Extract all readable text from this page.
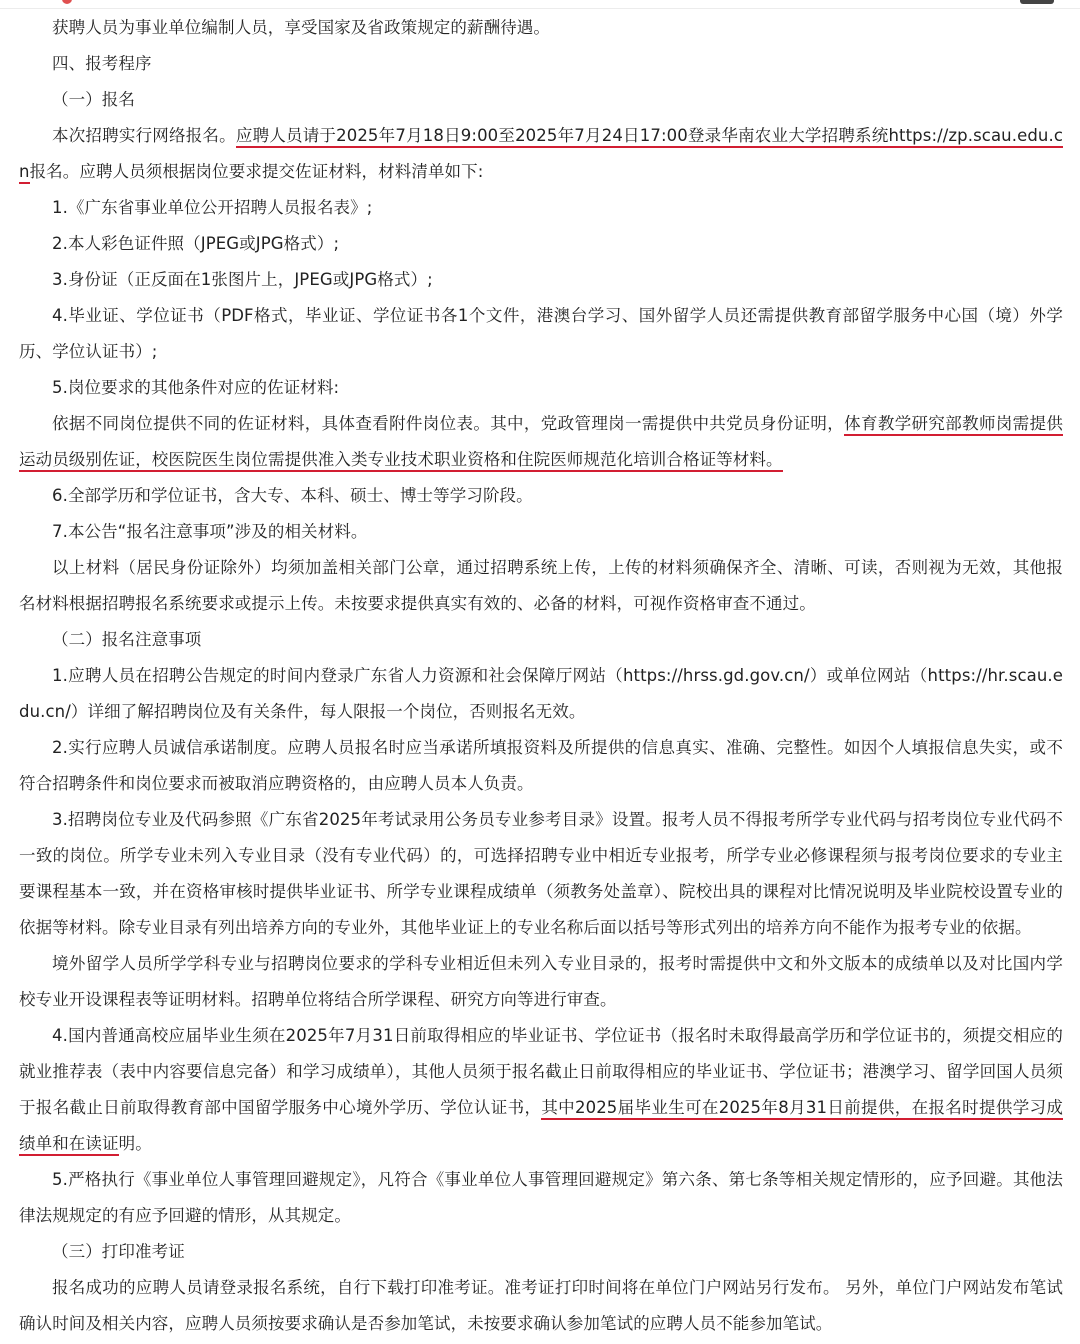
获聘人员为事业单位编制人员，享受国家及省政策规定的薪酬待遇。

四、报考程序

（一）报名

本次招聘实行网络报名。应聘人员请于2025年7月18日9:00至2025年7月24日17:00登录华南农业大学招聘系统https://zp.scau.edu.cn报名。应聘人员须根据岗位要求提交佐证材料，材料清单如下:

1.《广东省事业单位公开招聘人员报名表》;

2.本人彩色证件照（JPEG或JPG格式）;

3.身份证（正反面在1张图片上，JPEG或JPG格式）;

4.毕业证、学位证书（PDF格式，毕业证、学位证书各1个文件，港澳台学习、国外留学人员还需提供教育部留学服务中心国（境）外学历、学位认证书）;

5.岗位要求的其他条件对应的佐证材料:

依据不同岗位提供不同的佐证材料，具体查看附件岗位表。其中，党政管理岗一需提供中共党员身份证明，体育教学研究部教师岗需提供运动员级别佐证，校医院医生岗位需提供准入类专业技术职业资格和住院医师规范化培训合格证等材料。

6.全部学历和学位证书，含大专、本科、硕士、博士等学习阶段。

7.本公告“报名注意事项”涉及的相关材料。

以上材料（居民身份证除外）均须加盖相关部门公章，通过招聘系统上传，上传的材料须确保齐全、清晰、可读，否则视为无效，其他报名材料根据招聘报名系统要求或提示上传。未按要求提供真实有效的、必备的材料，可视作资格审查不通过。

（二）报名注意事项

1.应聘人员在招聘公告规定的时间内登录广东省人力资源和社会保障厅网站（https://hrss.gd.gov.cn/）或单位网站（https://hr.scau.edu.cn/）详细了解招聘岗位及有关条件，每人限报一个岗位，否则报名无效。

2.实行应聘人员诚信承诺制度。应聘人员报名时应当承诺所填报资料及所提供的信息真实、准确、完整性。如因个人填报信息失实，或不符合招聘条件和岗位要求而被取消应聘资格的，由应聘人员本人负责。

3.招聘岗位专业及代码参照《广东省2025年考试录用公务员专业参考目录》设置。报考人员不得报考所学专业代码与招考岗位专业代码不一致的岗位。所学专业未列入专业目录（没有专业代码）的，可选择招聘专业中相近专业报考，所学专业必修课程须与报考岗位要求的专业主要课程基本一致，并在资格审核时提供毕业证书、所学专业课程成绩单（须教务处盖章）、院校出具的课程对比情况说明及毕业院校设置专业的依据等材料。除专业目录有列出培养方向的专业外，其他毕业证上的专业名称后面以括号等形式列出的培养方向不能作为报考专业的依据。

境外留学人员所学学科专业与招聘岗位要求的学科专业相近但未列入专业目录的，报考时需提供中文和外文版本的成绩单以及对比国内学校专业开设课程表等证明材料。招聘单位将结合所学课程、研究方向等进行审查。

4.国内普通高校应届毕业生须在2025年7月31日前取得相应的毕业证书、学位证书（报名时未取得最高学历和学位证书的，须提交相应的就业推荐表（表中内容要信息完备）和学习成绩单），其他人员须于报名截止日前取得相应的毕业证书、学位证书；港澳学习、留学回国人员须于报名截止日前取得教育部中国留学服务中心境外学历、学位认证书，其中2025届毕业生可在2025年8月31日前提供，在报名时提供学习成绩单和在读证明。

5.严格执行《事业单位人事管理回避规定》，凡符合《事业单位人事管理回避规定》第六条、第七条等相关规定情形的，应予回避。其他法律法规规定的有应予回避的情形，从其规定。

（三）打印准考证

报名成功的应聘人员请登录报名系统，自行下载打印准考证。准考证打印时间将在单位门户网站另行发布。 另外，单位门户网站发布笔试确认时间及相关内容，应聘人员须按要求确认是否参加笔试，未按要求确认参加笔试的应聘人员不能参加笔试。
